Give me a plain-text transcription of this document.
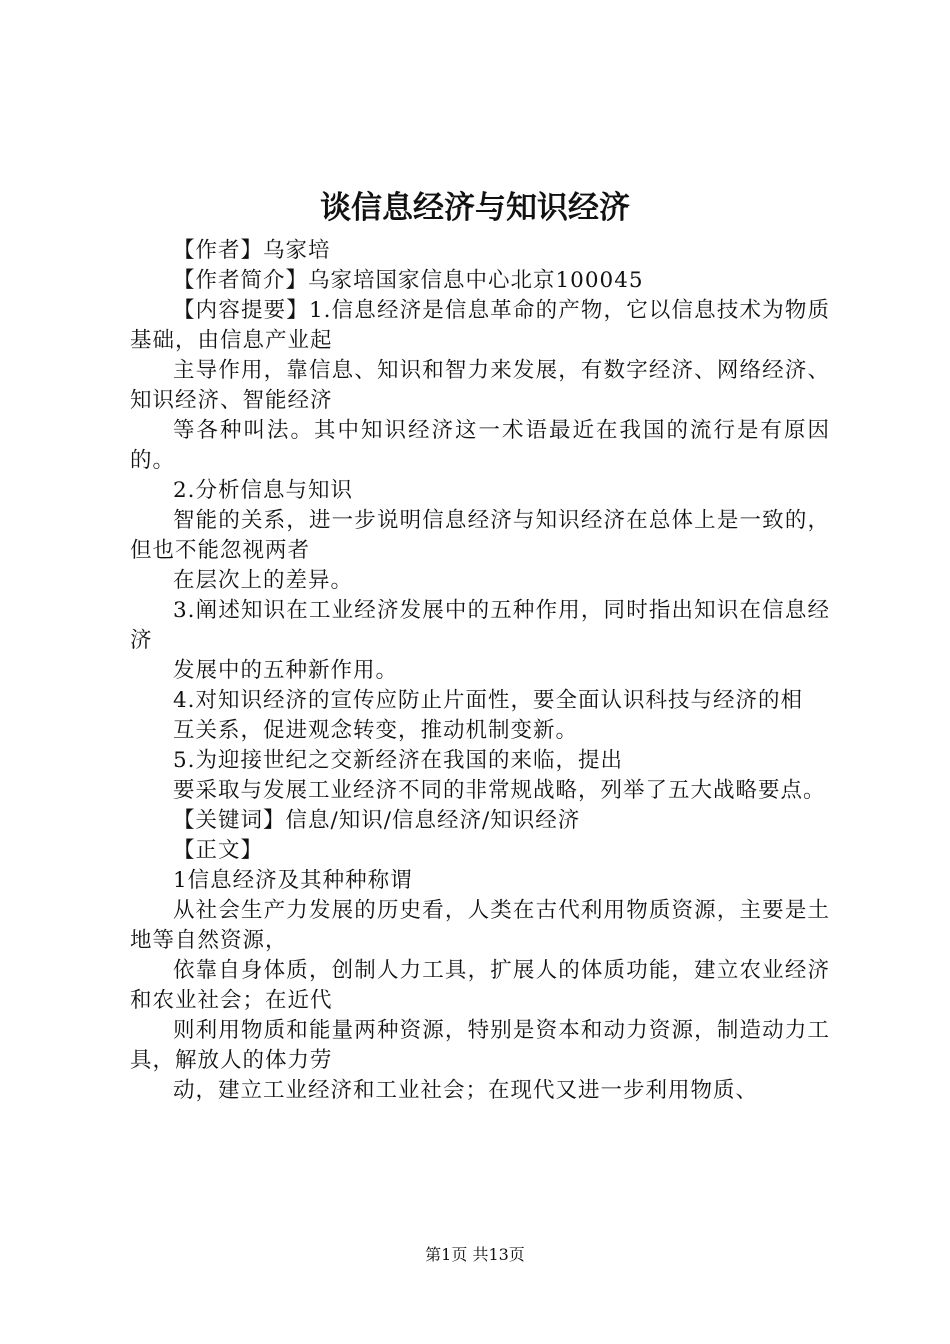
谈信息经济与知识经济

【作者】乌家培

【作者简介】乌家培国家信息中心北京100045

【内容提要】1.信息经济是信息革命的产物，它以信息技术为物质基础，由信息产业起

主导作用，靠信息、知识和智力来发展，有数字经济、网络经济、知识经济、智能经济

等各种叫法。其中知识经济这一术语最近在我国的流行是有原因的。

2.分析信息与知识

智能的关系，进一步说明信息经济与知识经济在总体上是一致的，但也不能忽视两者

在层次上的差异。

3.阐述知识在工业经济发展中的五种作用，同时指出知识在信息经济

发展中的五种新作用。

4.对知识经济的宣传应防止片面性，要全面认识科技与经济的相

互关系，促进观念转变，推动机制变新。

5.为迎接世纪之交新经济在我国的来临，提出

要采取与发展工业经济不同的非常规战略，列举了五大战略要点。

【关键词】信息/知识/信息经济/知识经济

【正文】

1信息经济及其种种称谓

从社会生产力发展的历史看，人类在古代利用物质资源，主要是土地等自然资源，

依靠自身体质，创制人力工具，扩展人的体质功能，建立农业经济和农业社会；在近代

则利用物质和能量两种资源，特别是资本和动力资源，制造动力工具，解放人的体力劳

动，建立工业经济和工业社会；在现代又进一步利用物质、

第1页 共13页
